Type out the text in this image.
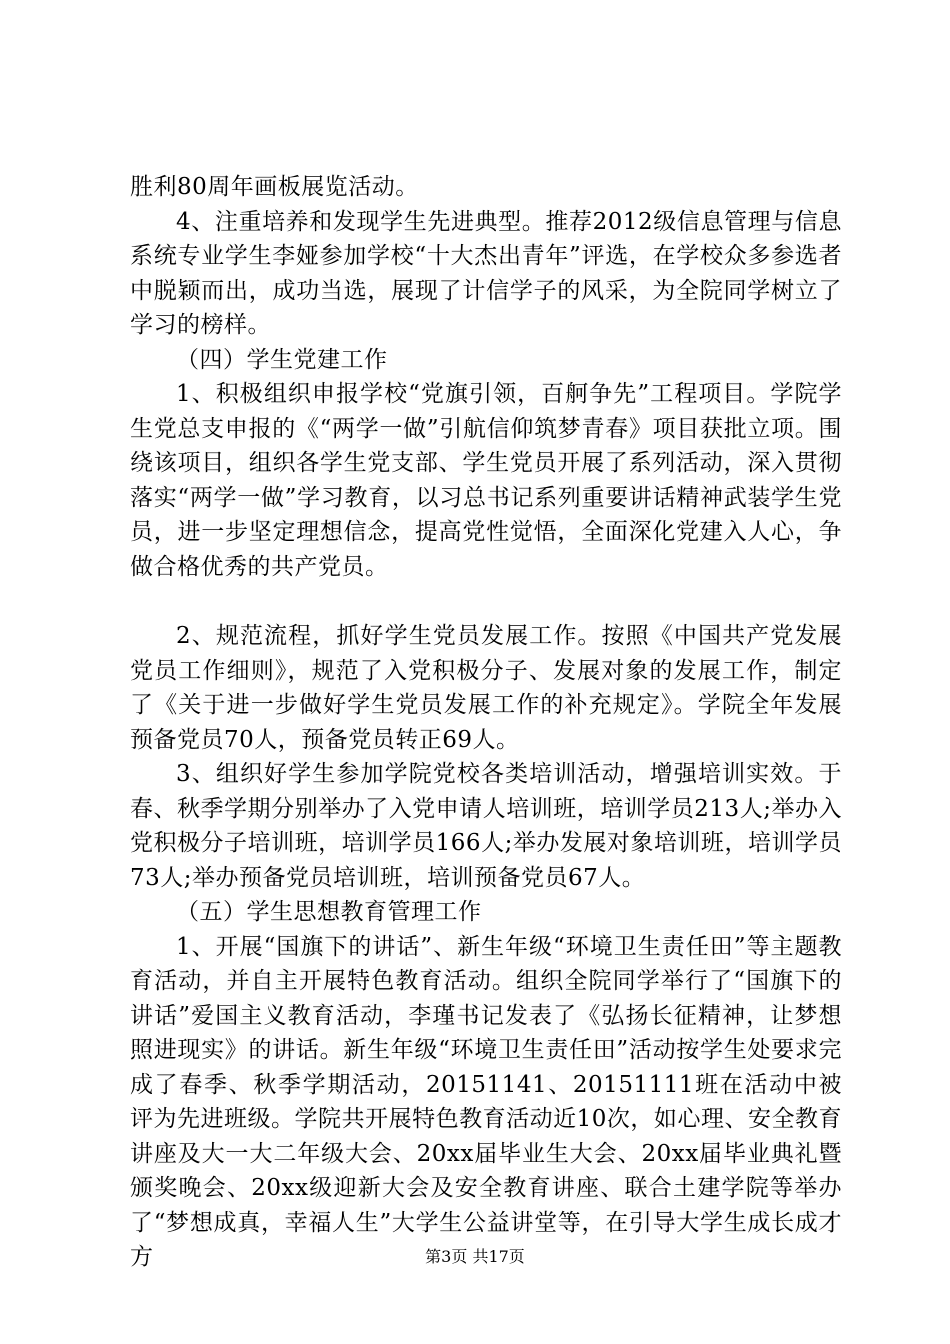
胜利80周年画板展览活动。

4、注重培养和发现学生先进典型。推荐2012级信息管理与信息系统专业学生李娅参加学校“十大杰出青年”评选，在学校众多参选者中脱颖而出，成功当选，展现了计信学子的风采，为全院同学树立了学习的榜样。

（四）学生党建工作

1、积极组织申报学校“党旗引领，百舸争先”工程项目。学院学生党总支申报的《“两学一做”引航信仰筑梦青春》项目获批立项。围绕该项目，组织各学生党支部、学生党员开展了系列活动，深入贯彻落实“两学一做”学习教育，以习总书记系列重要讲话精神武装学生党员，进一步坚定理想信念，提高党性觉悟，全面深化党建入人心，争做合格优秀的共产党员。

2、规范流程，抓好学生党员发展工作。按照《中国共产党发展党员工作细则》，规范了入党积极分子、发展对象的发展工作，制定了《关于进一步做好学生党员发展工作的补充规定》。学院全年发展预备党员70人，预备党员转正69人。

3、组织好学生参加学院党校各类培训活动，增强培训实效。于春、秋季学期分别举办了入党申请人培训班，培训学员213人;举办入党积极分子培训班，培训学员166人;举办发展对象培训班，培训学员73人;举办预备党员培训班，培训预备党员67人。

（五）学生思想教育管理工作

1、开展“国旗下的讲话”、新生年级“环境卫生责任田”等主题教育活动，并自主开展特色教育活动。组织全院同学举行了“国旗下的讲话”爱国主义教育活动，李瑾书记发表了《弘扬长征精神，让梦想照进现实》的讲话。新生年级“环境卫生责任田”活动按学生处要求完成了春季、秋季学期活动，20151141、20151111班在活动中被评为先进班级。学院共开展特色教育活动近10次，如心理、安全教育讲座及大一大二年级大会、20xx届毕业生大会、20xx届毕业典礼暨颁奖晚会、20xx级迎新大会及安全教育讲座、联合土建学院等举办了“梦想成真，幸福人生”大学生公益讲堂等，在引导大学生成长成才方	第3页 共17页
